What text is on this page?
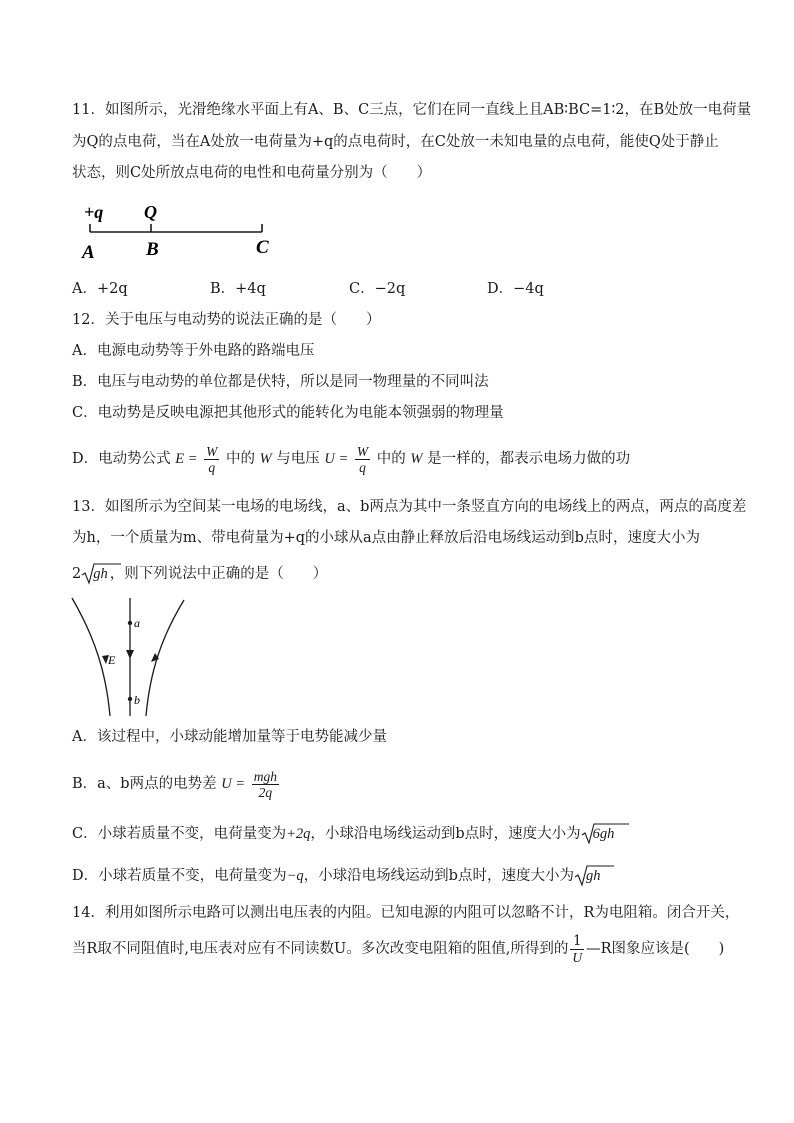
11．如图所示，光滑绝缘水平面上有A、B、C三点，它们在同一直线上且AB∶BC=1∶2，在B处放一电荷量
为Q的点电荷，当在A处放一电荷量为+q的点电荷时，在C处放一未知电量的点电荷，能使Q处于静止
状态，则C处所放点电荷的电性和电荷量分别为（　　）
+q Q
A	B	C
A．+2q	B．+4q	C．−2q	D．−4q
12．关于电压与电动势的说法正确的是（　　）
A．电源电动势等于外电路的路端电压
B．电压与电动势的单位都是伏特，所以是同一物理量的不同叫法
C．电动势是反映电源把其他形式的能转化为电能本领强弱的物理量
D．电动势公式 $E = \frac{W}{q}$ 中的 W 与电压 $U = \frac{W}{q}$ 中的 W 是一样的，都表示电场力做的功
13．如图所示为空间某一电场的电场线，a、b两点为其中一条竖直方向的电场线上的两点，两点的高度差
为h，一个质量为m、带电荷量为+q的小球从a点由静止释放后沿电场线运动到b点时，速度大小为
2 gh ，则下列说法中正确的是（　　）
a
b
E
A．该过程中，小球动能增加量等于电势能减少量
B．a、b两点的电势差 $U = \frac{\text{mgh}}{2q}$
C．小球若质量不变，电荷量变为+2q，小球沿电场线运动到b点时，速度大小为 6gh
D．小球若质量不变，电荷量变为−q，小球沿电场线运动到b点时，速度大小为 gh
14．利用如图所示电路可以测出电压表的内阻。已知电源的内阻可以忽略不计，R为电阻箱。闭合开关，
当R取不同阻值时,电压表对应有不同读数U。多次改变电阻箱的阻值,所得到的 $\frac{1}{U}$ —R图象应该是(　　)
